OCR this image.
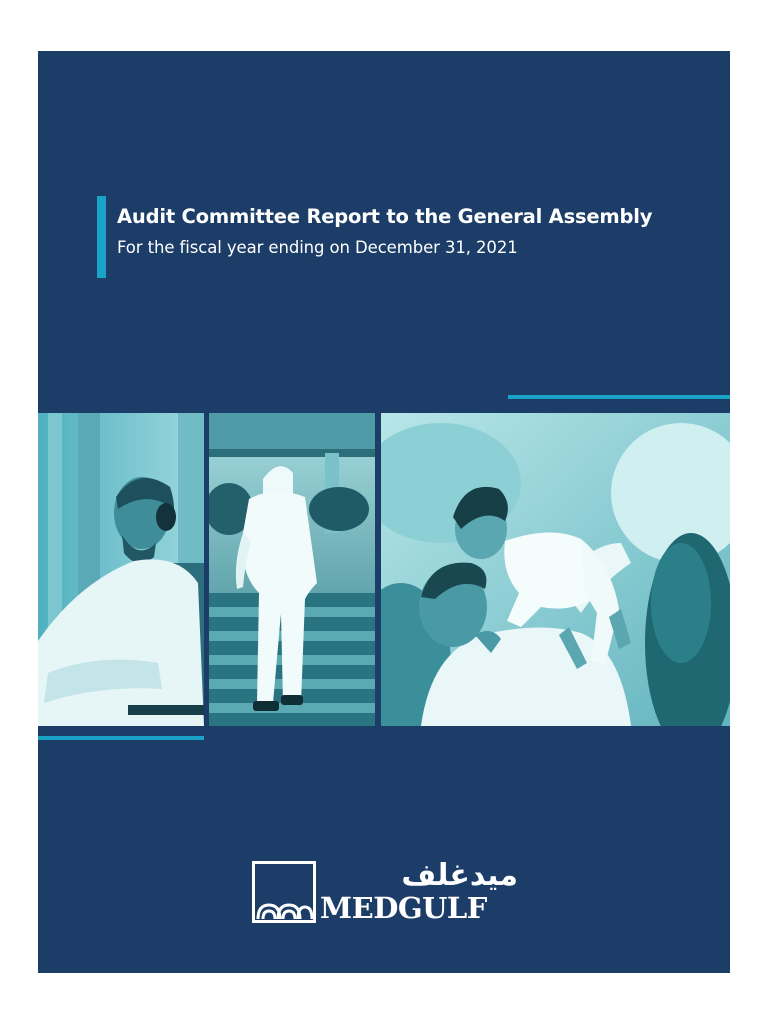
Audit Committee Report to the General Assembly

For the fiscal year ending on December 31, 2021

ميدغلف

MEDGULF
